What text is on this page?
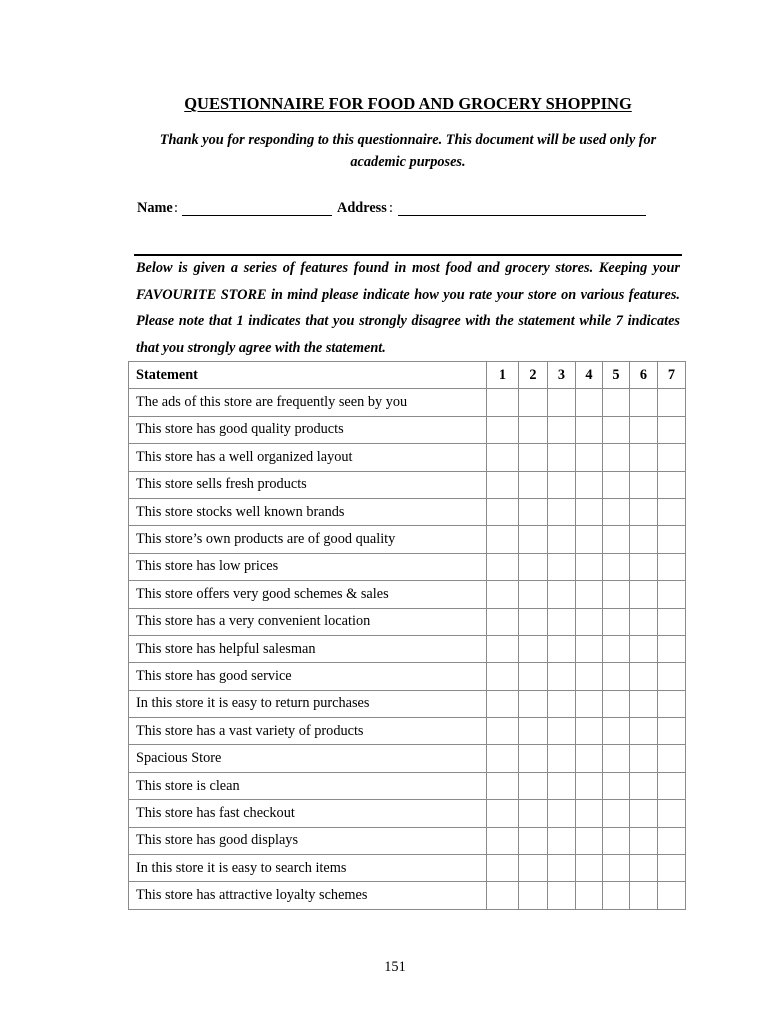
QUESTIONNAIRE FOR FOOD AND GROCERY SHOPPING
Thank you for responding to this questionnaire. This document will be used only for academic purposes.
Name :	Address :
Below is given a series of features found in most food and grocery stores. Keeping your FAVOURITE STORE in mind please indicate how you rate your store on various features. Please note that 1 indicates that you strongly disagree with the statement while 7 indicates that you strongly agree with the statement.
Statement	1	2	3	4	5	6	7
The ads of this store are frequently seen by you							
This store has good quality products							
This store has a well organized layout							
This store sells fresh products							
This store stocks well known brands							
This store’s own products are of good quality							
This store has low prices							
This store offers very good schemes & sales							
This store has a very convenient location							
This store has helpful salesman							
This store has good service							
In this store it is easy to return purchases							
This store has a vast variety of products							
Spacious Store							
This store is clean							
This store has fast checkout							
This store has good displays							
In this store it is easy to search items							
This store has attractive loyalty schemes							
151
